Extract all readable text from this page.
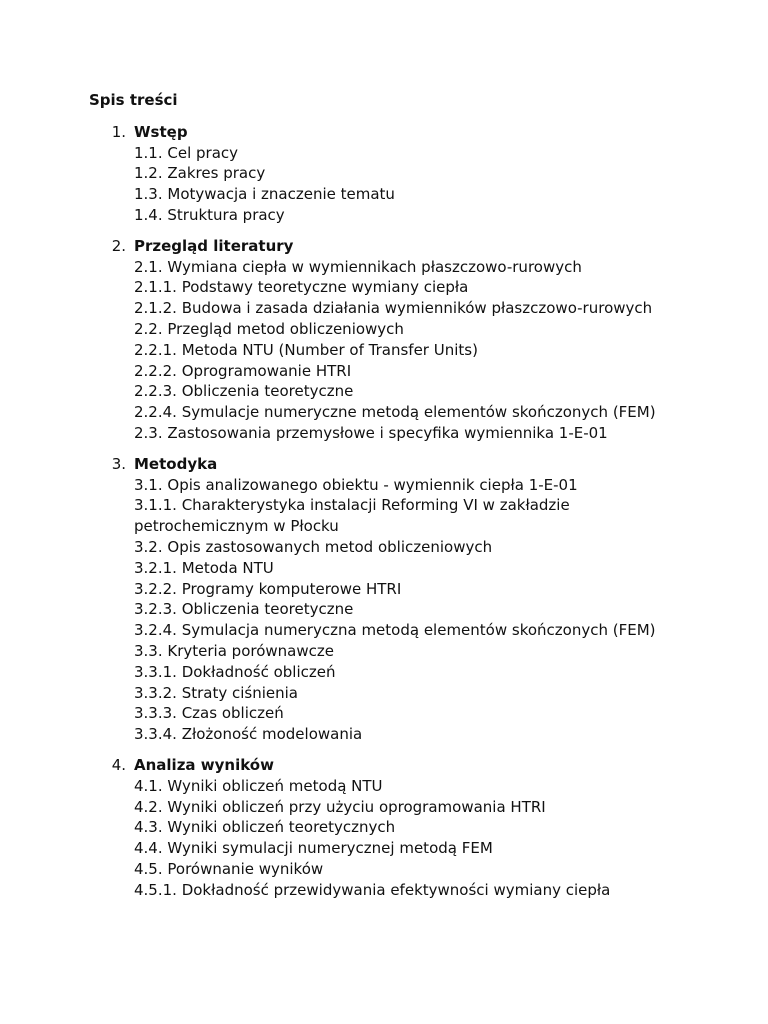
Spis treści
1. Wstęp
1.1. Cel pracy
1.2. Zakres pracy
1.3. Motywacja i znaczenie tematu
1.4. Struktura pracy
2. Przegląd literatury
2.1. Wymiana ciepła w wymiennikach płaszczowo-rurowych
2.1.1. Podstawy teoretyczne wymiany ciepła
2.1.2. Budowa i zasada działania wymienników płaszczowo-rurowych
2.2. Przegląd metod obliczeniowych
2.2.1. Metoda NTU (Number of Transfer Units)
2.2.2. Oprogramowanie HTRI
2.2.3. Obliczenia teoretyczne
2.2.4. Symulacje numeryczne metodą elementów skończonych (FEM)
2.3. Zastosowania przemysłowe i specyfika wymiennika 1-E-01
3. Metodyka
3.1. Opis analizowanego obiektu - wymiennik ciepła 1-E-01
3.1.1. Charakterystyka instalacji Reforming VI w zakładzie petrochemicznym w Płocku
3.2. Opis zastosowanych metod obliczeniowych
3.2.1. Metoda NTU
3.2.2. Programy komputerowe HTRI
3.2.3. Obliczenia teoretyczne
3.2.4. Symulacja numeryczna metodą elementów skończonych (FEM)
3.3. Kryteria porównawcze
3.3.1. Dokładność obliczeń
3.3.2. Straty ciśnienia
3.3.3. Czas obliczeń
3.3.4. Złożoność modelowania
4. Analiza wyników
4.1. Wyniki obliczeń metodą NTU
4.2. Wyniki obliczeń przy użyciu oprogramowania HTRI
4.3. Wyniki obliczeń teoretycznych
4.4. Wyniki symulacji numerycznej metodą FEM
4.5. Porównanie wyników
4.5.1. Dokładność przewidywania efektywności wymiany ciepła
